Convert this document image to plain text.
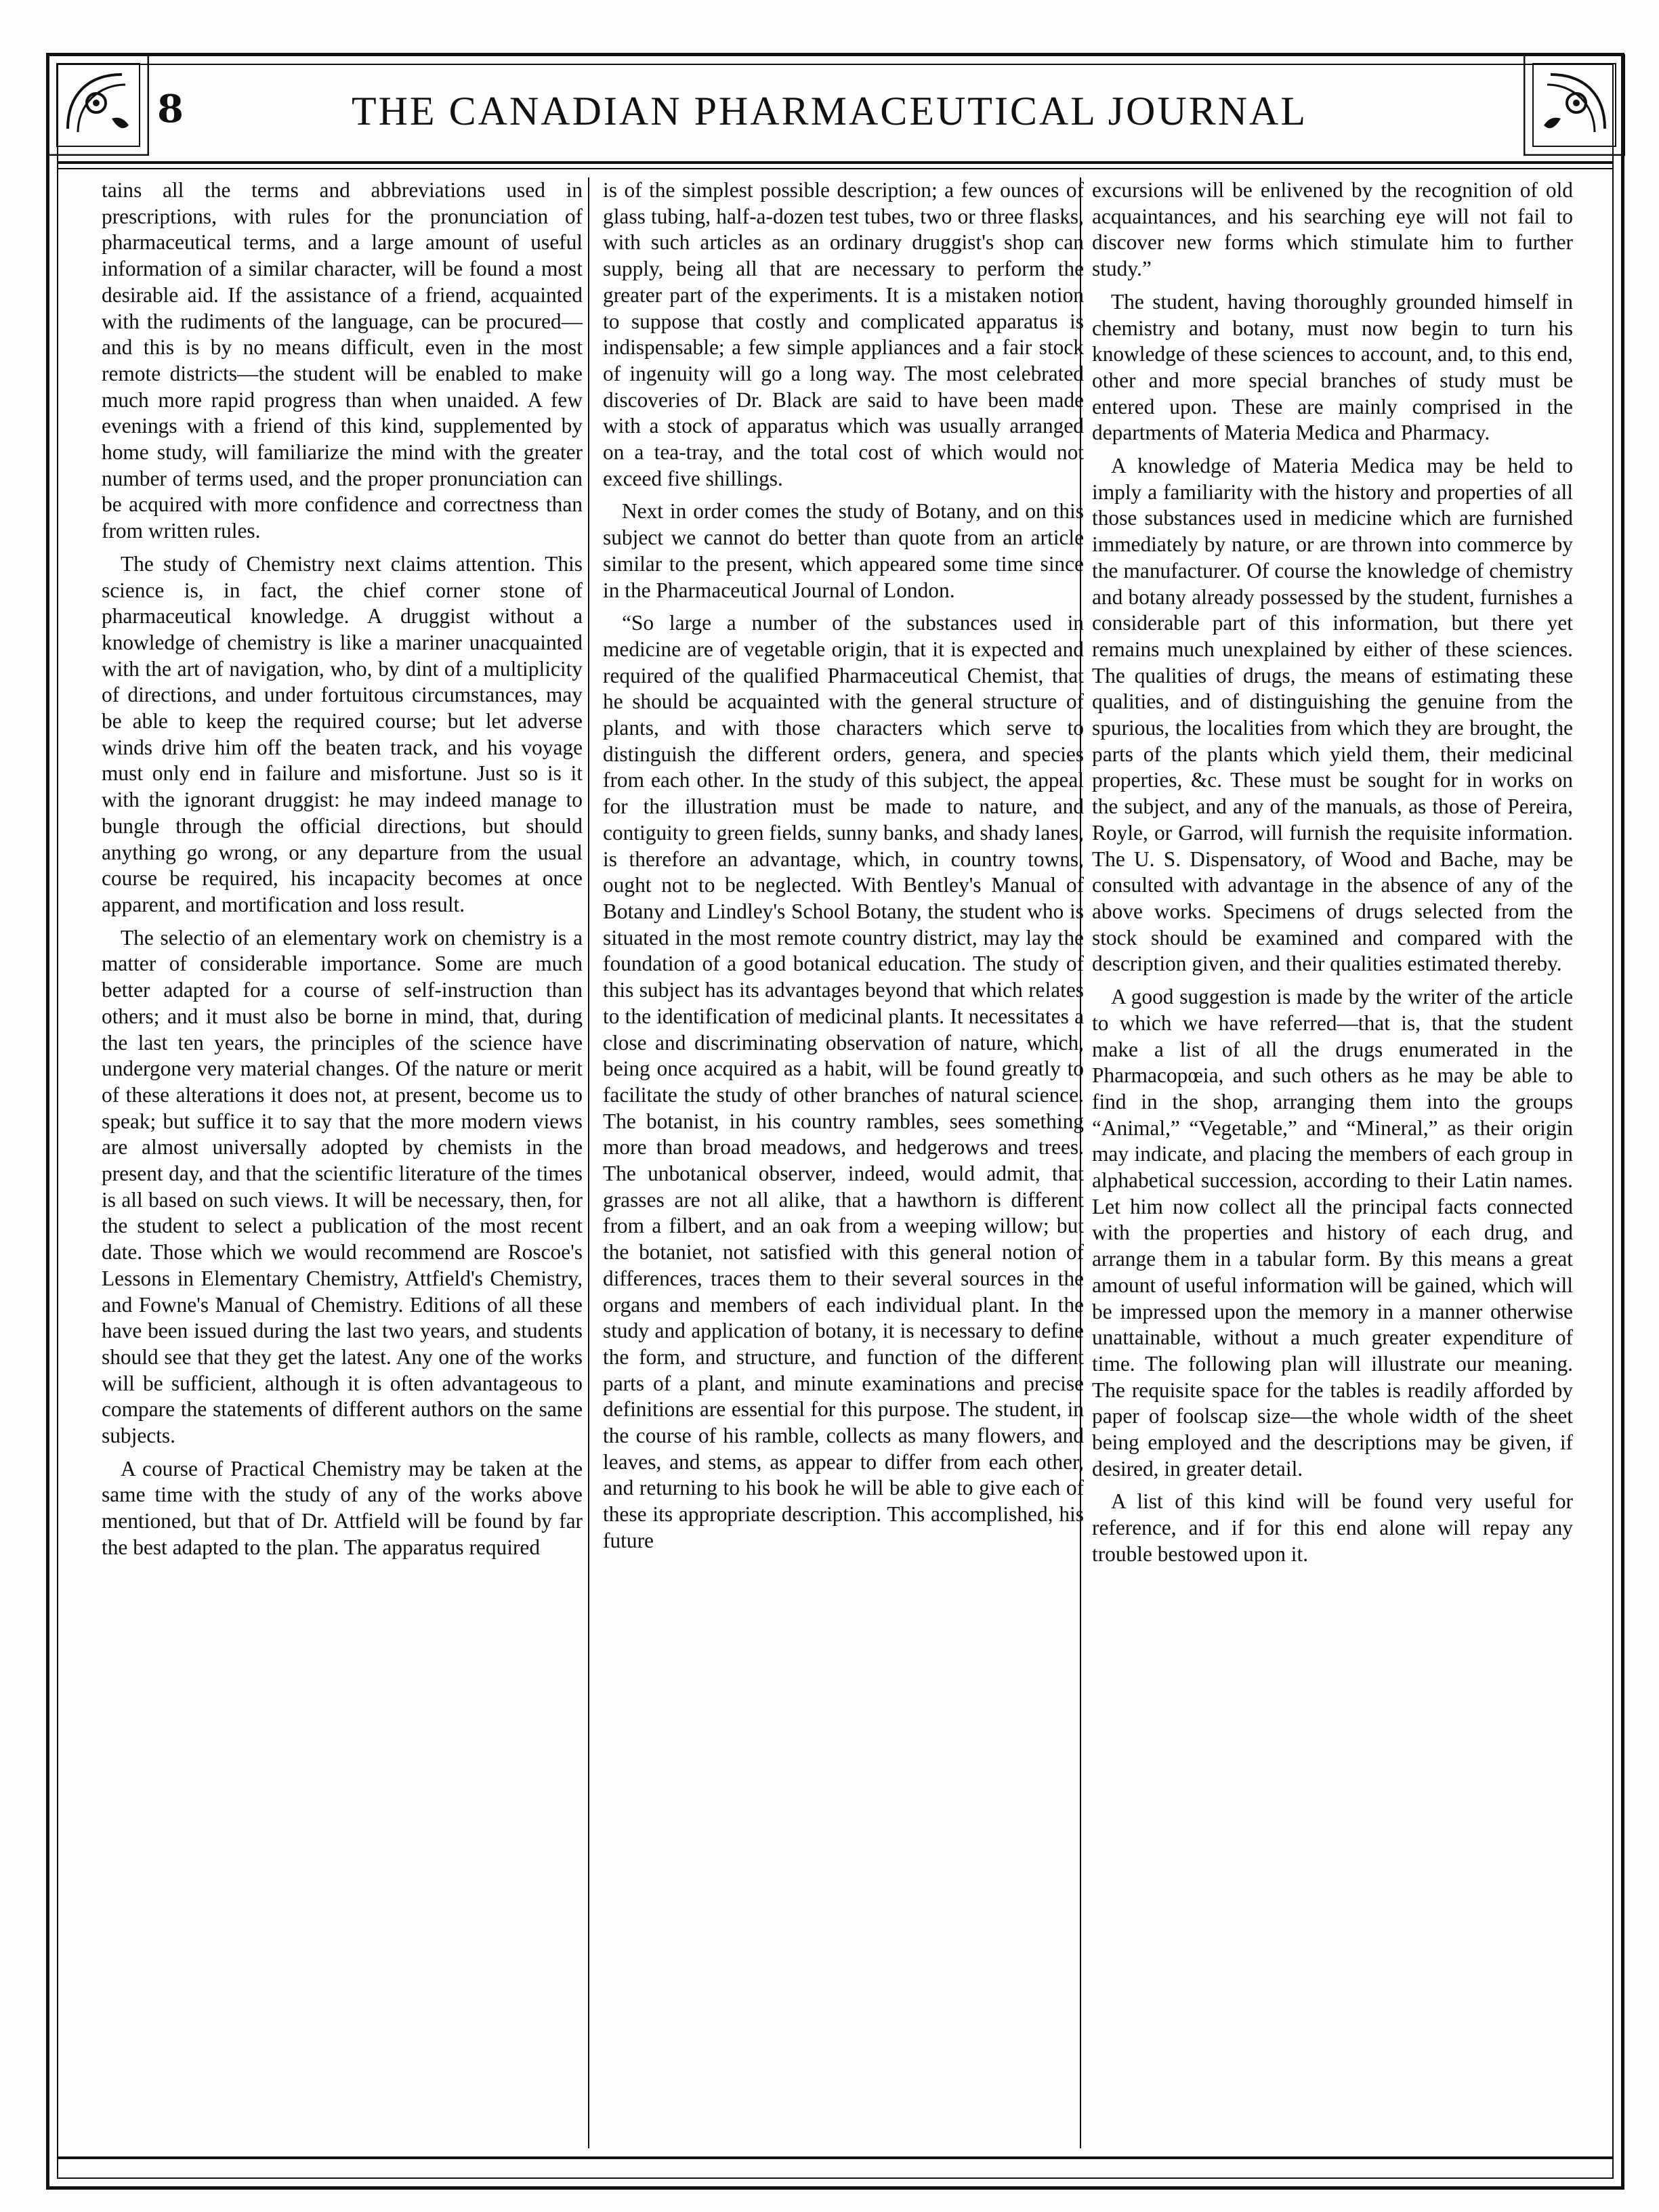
8	THE CANADIAN PHARMACEUTICAL JOURNAL

tains all the terms and abbreviations used in prescriptions, with rules for the pronunciation of pharmaceutical terms, and a large amount of useful information of a similar character, will be found a most desirable aid. If the assistance of a friend, acquainted with the rudiments of the language, can be procured—and this is by no means difficult, even in the most remote districts—the student will be enabled to make much more rapid progress than when unaided. A few evenings with a friend of this kind, supplemented by home study, will familiarize the mind with the greater number of terms used, and the proper pronunciation can be acquired with more confidence and correctness than from written rules.

The study of Chemistry next claims attention. This science is, in fact, the chief corner stone of pharmaceutical knowledge. A druggist without a knowledge of chemistry is like a mariner unacquainted with the art of navigation, who, by dint of a multiplicity of directions, and under fortuitous circumstances, may be able to keep the required course; but let adverse winds drive him off the beaten track, and his voyage must only end in failure and misfortune. Just so is it with the ignorant druggist: he may indeed manage to bungle through the official directions, but should anything go wrong, or any departure from the usual course be required, his incapacity becomes at once apparent, and mortification and loss result.

The selectio of an elementary work on chemistry is a matter of considerable importance. Some are much better adapted for a course of self-instruction than others; and it must also be borne in mind, that, during the last ten years, the principles of the science have undergone very material changes. Of the nature or merit of these alterations it does not, at present, become us to speak; but suffice it to say that the more modern views are almost universally adopted by chemists in the present day, and that the scientific literature of the times is all based on such views. It will be necessary, then, for the student to select a publication of the most recent date. Those which we would recommend are Roscoe's Lessons in Elementary Chemistry, Attfield's Chemistry, and Fowne's Manual of Chemistry. Editions of all these have been issued during the last two years, and students should see that they get the latest. Any one of the works will be sufficient, although it is often advantageous to compare the statements of different authors on the same subjects.

A course of Practical Chemistry may be taken at the same time with the study of any of the works above mentioned, but that of Dr. Attfield will be found by far the best adapted to the plan. The apparatus required

is of the simplest possible description; a few ounces of glass tubing, half-a-dozen test tubes, two or three flasks, with such articles as an ordinary druggist's shop can supply, being all that are necessary to perform the greater part of the experiments. It is a mistaken notion to suppose that costly and complicated apparatus is indispensable; a few simple appliances and a fair stock of ingenuity will go a long way. The most celebrated discoveries of Dr. Black are said to have been made with a stock of apparatus which was usually arranged on a tea-tray, and the total cost of which would not exceed five shillings.

Next in order comes the study of Botany, and on this subject we cannot do better than quote from an article similar to the present, which appeared some time since in the Pharmaceutical Journal of London.

“So large a number of the substances used in medicine are of vegetable origin, that it is expected and required of the qualified Pharmaceutical Chemist, that he should be acquainted with the general structure of plants, and with those characters which serve to distinguish the different orders, genera, and species from each other. In the study of this subject, the appeal for the illustration must be made to nature, and contiguity to green fields, sunny banks, and shady lanes, is therefore an advantage, which, in country towns, ought not to be neglected. With Bentley's Manual of Botany and Lindley's School Botany, the student who is situated in the most remote country district, may lay the foundation of a good botanical education. The study of this subject has its advantages beyond that which relates to the identification of medicinal plants. It necessitates a close and discriminating observation of nature, which, being once acquired as a habit, will be found greatly to facilitate the study of other branches of natural science. The botanist, in his country rambles, sees something more than broad meadows, and hedgerows and trees. The unbotanical observer, indeed, would admit, that grasses are not all alike, that a hawthorn is different from a filbert, and an oak from a weeping willow; but the botaniet, not satisfied with this general notion of differences, traces them to their several sources in the organs and members of each individual plant. In the study and application of botany, it is necessary to define the form, and structure, and function of the different parts of a plant, and minute examinations and precise definitions are essential for this purpose. The student, in the course of his ramble, collects as many flowers, and leaves, and stems, as appear to differ from each other, and returning to his book he will be able to give each of these its appropriate description. This accomplished, his future

excursions will be enlivened by the recognition of old acquaintances, and his searching eye will not fail to discover new forms which stimulate him to further study.”

The student, having thoroughly grounded himself in chemistry and botany, must now begin to turn his knowledge of these sciences to account, and, to this end, other and more special branches of study must be entered upon. These are mainly comprised in the departments of Materia Medica and Pharmacy.

A knowledge of Materia Medica may be held to imply a familiarity with the history and properties of all those substances used in medicine which are furnished immediately by nature, or are thrown into commerce by the manufacturer. Of course the knowledge of chemistry and botany already possessed by the student, furnishes a considerable part of this information, but there yet remains much unexplained by either of these sciences. The qualities of drugs, the means of estimating these qualities, and of distinguishing the genuine from the spurious, the localities from which they are brought, the parts of the plants which yield them, their medicinal properties, &c. These must be sought for in works on the subject, and any of the manuals, as those of Pereira, Royle, or Garrod, will furnish the requisite information. The U. S. Dispensatory, of Wood and Bache, may be consulted with advantage in the absence of any of the above works. Specimens of drugs selected from the stock should be examined and compared with the description given, and their qualities estimated thereby.

A good suggestion is made by the writer of the article to which we have referred—that is, that the student make a list of all the drugs enumerated in the Pharmacopœia, and such others as he may be able to find in the shop, arranging them into the groups “Animal,” “Vegetable,” and “Mineral,” as their origin may indicate, and placing the members of each group in alphabetical succession, according to their Latin names. Let him now collect all the principal facts connected with the properties and history of each drug, and arrange them in a tabular form. By this means a great amount of useful information will be gained, which will be impressed upon the memory in a manner otherwise unattainable, without a much greater expenditure of time. The following plan will illustrate our meaning. The requisite space for the tables is readily afforded by paper of foolscap size—the whole width of the sheet being employed and the descriptions may be given, if desired, in greater detail.

A list of this kind will be found very useful for reference, and if for this end alone will repay any trouble bestowed upon it.
